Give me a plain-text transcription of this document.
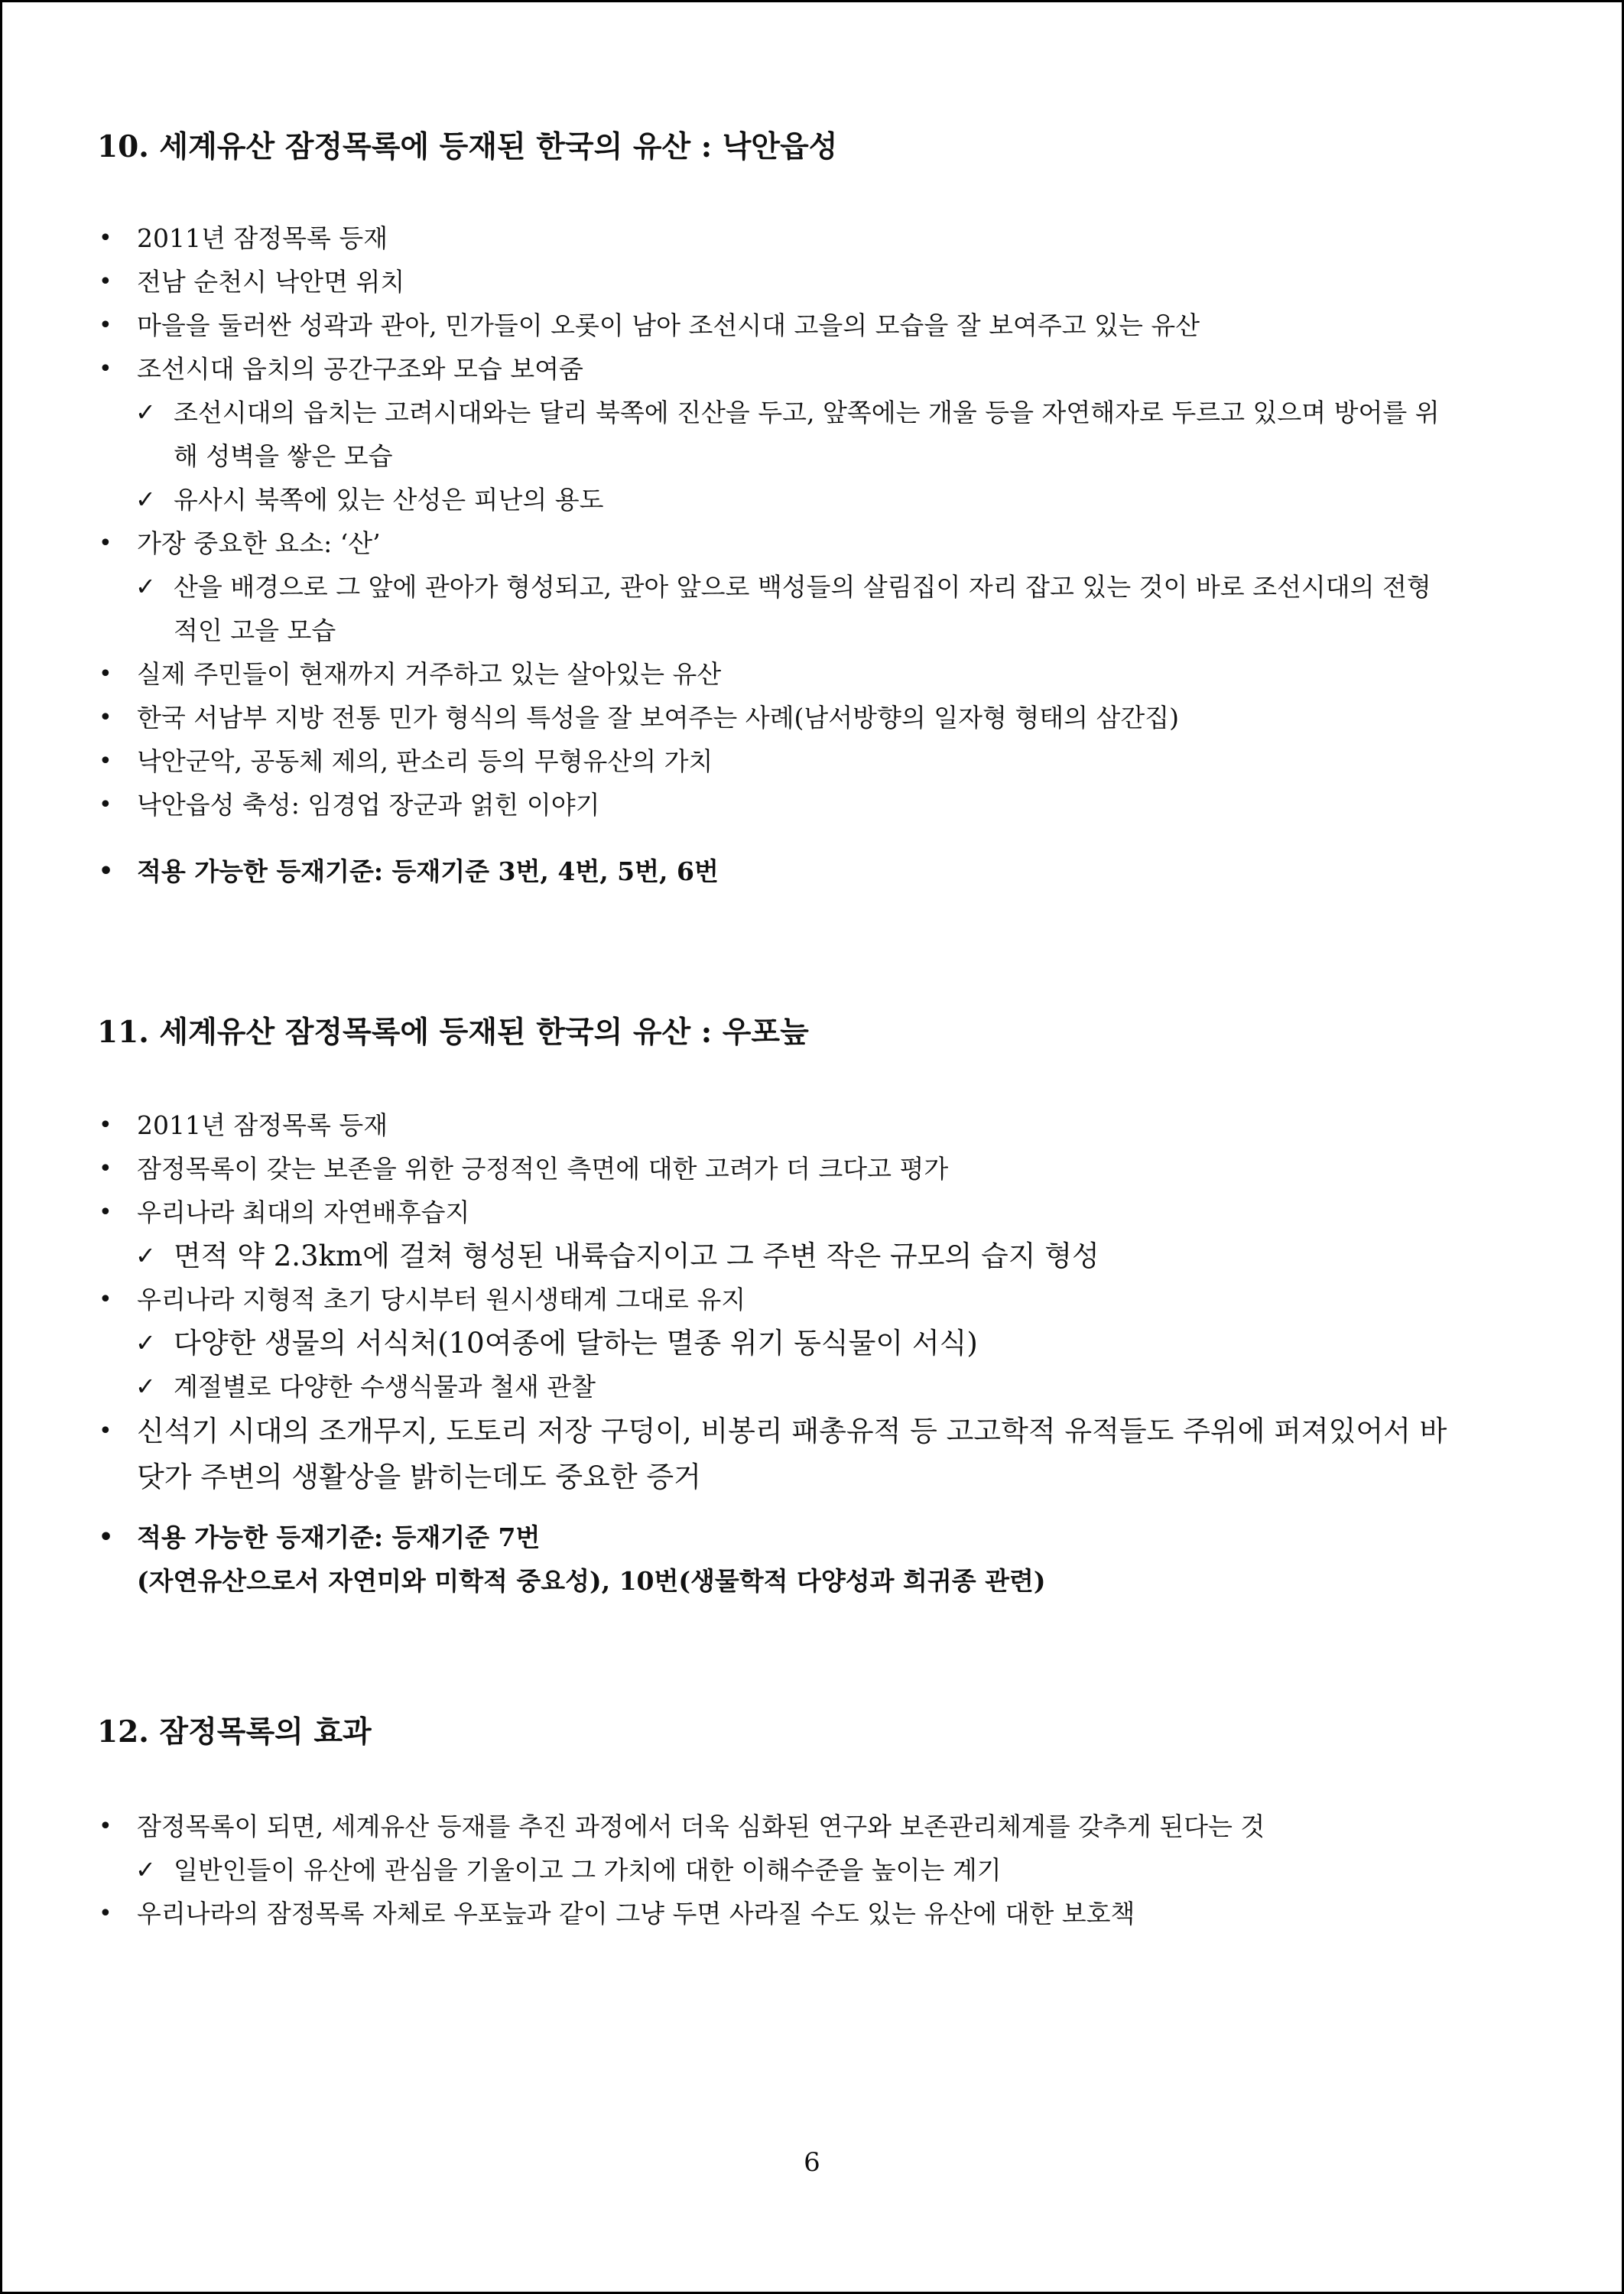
10. 세계유산 잠정목록에 등재된 한국의 유산 : 낙안읍성
• 2011년 잠정목록 등재
• 전남 순천시 낙안면 위치
• 마을을 둘러싼 성곽과 관아, 민가들이 오롯이 남아 조선시대 고을의 모습을 잘 보여주고 있는 유산
• 조선시대 읍치의 공간구조와 모습 보여줌
✓ 조선시대의 읍치는 고려시대와는 달리 북쪽에 진산을 두고, 앞쪽에는 개울 등을 자연해자로 두르고 있으며 방어를 위해 성벽을 쌓은 모습
✓ 유사시 북쪽에 있는 산성은 피난의 용도
• 가장 중요한 요소: ‘산’
✓ 산을 배경으로 그 앞에 관아가 형성되고, 관아 앞으로 백성들의 살림집이 자리 잡고 있는 것이 바로 조선시대의 전형적인 고을 모습
• 실제 주민들이 현재까지 거주하고 있는 살아있는 유산
• 한국 서남부 지방 전통 민가 형식의 특성을 잘 보여주는 사례(남서방향의 일자형 형태의 삼간집)
• 낙안군악, 공동체 제의, 판소리 등의 무형유산의 가치
• 낙안읍성 축성: 임경업 장군과 얽힌 이야기
• 적용 가능한 등재기준: 등재기준 3번, 4번, 5번, 6번
11. 세계유산 잠정목록에 등재된 한국의 유산 : 우포늪
• 2011년 잠정목록 등재
• 잠정목록이 갖는 보존을 위한 긍정적인 측면에 대한 고려가 더 크다고 평가
• 우리나라 최대의 자연배후습지
✓ 면적 약 2.3km에 걸쳐 형성된 내륙습지이고 그 주변 작은 규모의 습지 형성
• 우리나라 지형적 초기 당시부터 원시생태계 그대로 유지
✓ 다양한 생물의 서식처(10여종에 달하는 멸종 위기 동식물이 서식)
✓ 계절별로 다양한 수생식물과 철새 관찰
• 신석기 시대의 조개무지, 도토리 저장 구덩이, 비봉리 패총유적 등 고고학적 유적들도 주위에 퍼져있어서 바닷가 주변의 생활상을 밝히는데도 중요한 증거
• 적용 가능한 등재기준: 등재기준 7번
(자연유산으로서 자연미와 미학적 중요성), 10번(생물학적 다양성과 희귀종 관련)
12. 잠정목록의 효과
• 잠정목록이 되면, 세계유산 등재를 추진 과정에서 더욱 심화된 연구와 보존관리체계를 갖추게 된다는 것
✓ 일반인들이 유산에 관심을 기울이고 그 가치에 대한 이해수준을 높이는 계기
• 우리나라의 잠정목록 자체로 우포늪과 같이 그냥 두면 사라질 수도 있는 유산에 대한 보호책
6
